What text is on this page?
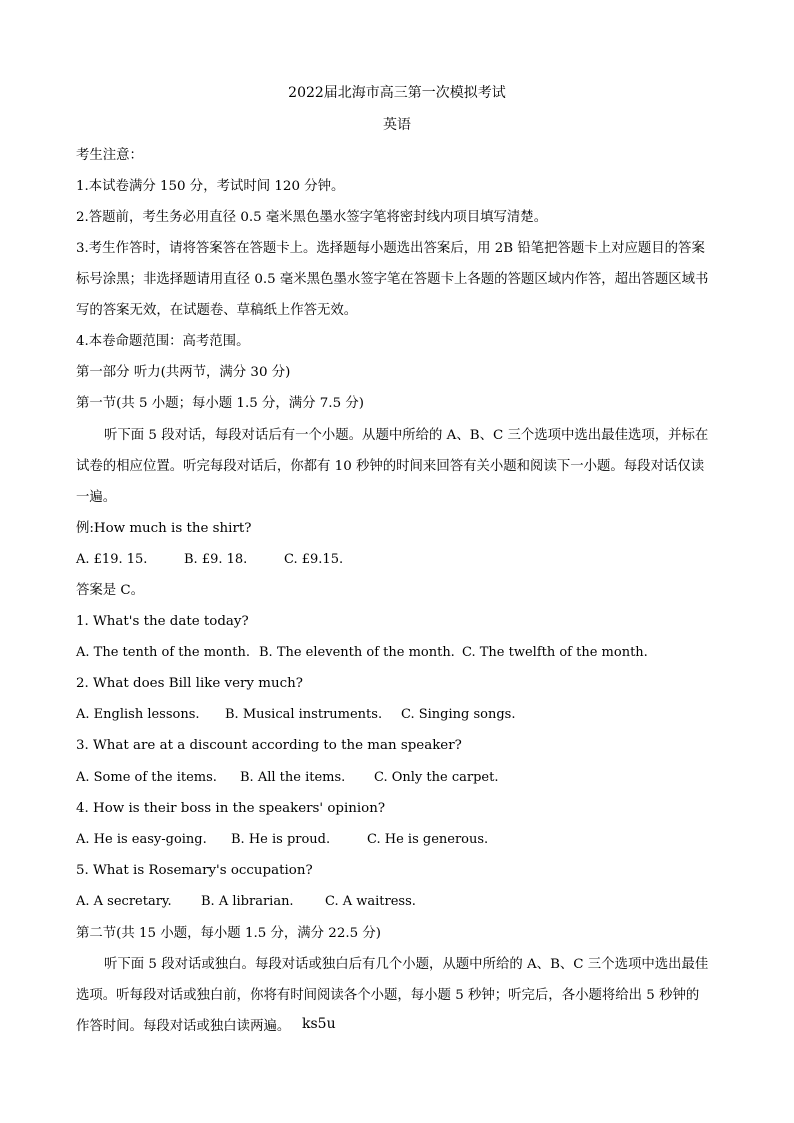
2022届北海市高三第一次模拟考试
英语
考生注意：
1.本试卷满分 150 分，考试时间 120 分钟。
2.答题前，考生务必用直径 0.5 毫米黑色墨水签字笔将密封线内项目填写清楚。
3.考生作答时，请将答案答在答题卡上。选择题每小题选出答案后，用 2B 铅笔把答题卡上对应题目的答案
标号涂黑；非选择题请用直径 0.5 毫米黑色墨水签字笔在答题卡上各题的答题区域内作答，超出答题区域书
写的答案无效，在试题卷、草稿纸上作答无效。
4.本卷命题范围：高考范围。
第一部分 听力(共两节，满分 30 分)
第一节(共 5 小题；每小题 1.5 分，满分 7.5 分)
听下面 5 段对话，每段对话后有一个小题。从题中所给的 A、B、C 三个选项中选出最佳选项，并标在
试卷的相应位置。听完每段对话后，你都有 10 秒钟的时间来回答有关小题和阅读下一小题。每段对话仅读
一遍。
例:How much is the shirt?
A. £19. 15.	B. £9. 18.	C. £9.15.
答案是 C。
1. What's the date today?
A. The tenth of the month. B. The eleventh of the month. C. The twelfth of the month.
2. What does Bill like very much?
A. English lessons. B. Musical instruments. C. Singing songs.
3. What are at a discount according to the man speaker?
A. Some of the items. B. All the items. C. Only the carpet.
4. How is their boss in the speakers' opinion?
A. He is easy-going. B. He is proud.	C. He is generous.
5. What is Rosemary's occupation?
A. A secretary. B. A librarian. C. A waitress.
第二节(共 15 小题，每小题 1.5 分，满分 22.5 分)
听下面 5 段对话或独白。每段对话或独白后有几个小题，从题中所给的 A、B、C 三个选项中选出最佳
选项。听每段对话或独白前，你将有时间阅读各个小题，每小题 5 秒钟；听完后，各小题将给出 5 秒钟的
作答时间。每段对话或独白读两遍。 ks5u
